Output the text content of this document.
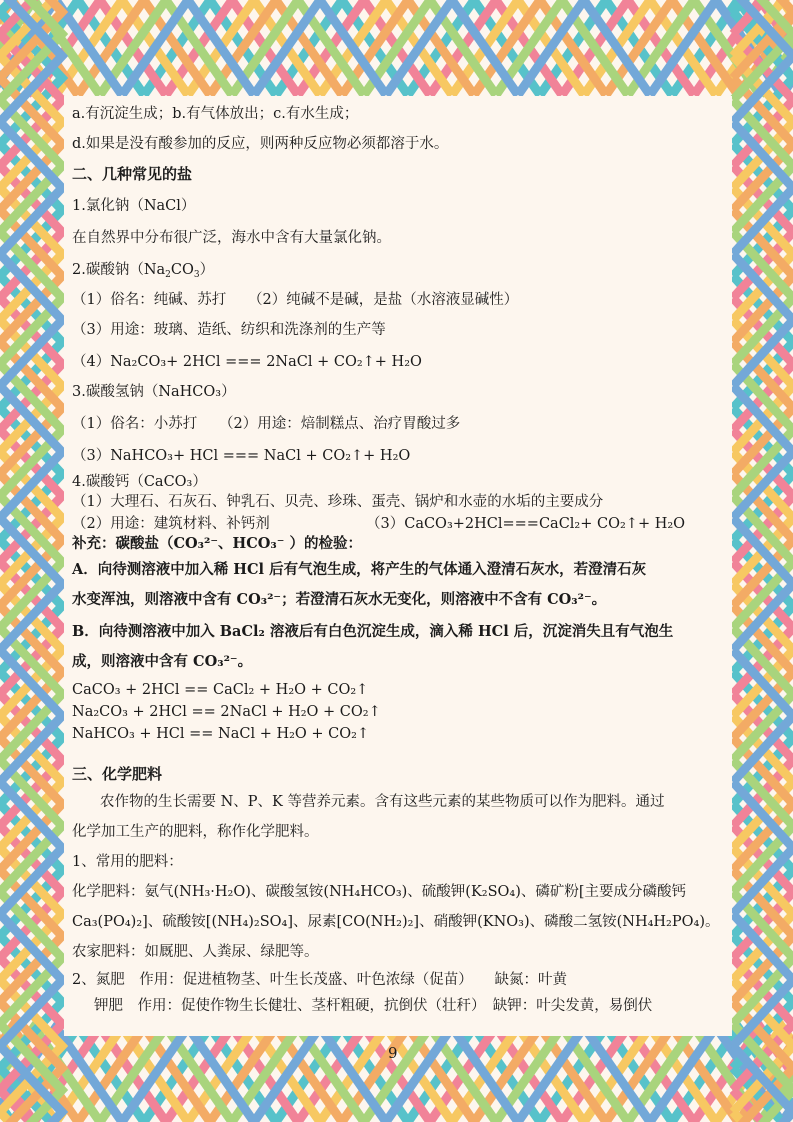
a.有沉淀生成；b.有气体放出；c.有水生成；
d.如果是没有酸参加的反应，则两种反应物必须都溶于水。
二、几种常见的盐
1.氯化钠（NaCl）
在自然界中分布很广泛，海水中含有大量氯化钠。
2.碳酸钠$(Na_2CO_3)$
（1）俗名：纯碱、苏打　　（2）纯碱不是碱，是盐（水溶液显碱性）
（3）用途：玻璃、造纸、纺织和洗涤剂的生产等
（4）Na₂CO₃+ 2HCl === 2NaCl + CO₂↑+ H₂O
3.碳酸氢钠（NaHCO₃）
（1）俗名：小苏打　　（2）用途：焙制糕点、治疗胃酸过多
（3）NaHCO₃+ HCl === NaCl + CO₂↑+ H₂O
4.碳酸钙（CaCO₃）
（1）大理石、石灰石、钟乳石、贝壳、珍珠、蛋壳、锅炉和水壶的水垢的主要成分
（2）用途：建筑材料、补钙剂	（3）CaCO₃+2HCl===CaCl₂+ CO₂↑+ H₂O
补充：碳酸盐（CO₃²⁻、HCO₃⁻ ）的检验：
A．向待测溶液中加入稀 HCl 后有气泡生成，将产生的气体通入澄清石灰水，若澄清石灰
水变浑浊，则溶液中含有 CO₃²⁻；若澄清石灰水无变化，则溶液中不含有 CO₃²⁻。
B．向待测溶液中加入 BaCl₂ 溶液后有白色沉淀生成，滴入稀 HCl 后，沉淀消失且有气泡生
成，则溶液中含有 CO₃²⁻。
CaCO₃ + 2HCl == CaCl₂ + H₂O + CO₂↑
Na₂CO₃ + 2HCl == 2NaCl + H₂O + CO₂↑
NaHCO₃ + HCl == NaCl + H₂O + CO₂↑
三、化学肥料
农作物的生长需要 N、P、K 等营养元素。含有这些元素的某些物质可以作为肥料。通过
化学加工生产的肥料，称作化学肥料。
1、常用的肥料：
化学肥料：氨气(NH₃·H₂O)、碳酸氢铵(NH₄HCO₃)、硫酸钾(K₂SO₄)、磷矿粉[主要成分磷酸钙
Ca₃(PO₄)₂]、硫酸铵[(NH₄)₂SO₄]、尿素[CO(NH₂)₂]、硝酸钾(KNO₃)、磷酸二氢铵(NH₄H₂PO₄)。
农家肥料：如厩肥、人粪尿、绿肥等。
2、氮肥　作用：促进植物茎、叶生长茂盛、叶色浓绿（促苗）　　缺氮：叶黄
钾肥　作用：促使作物生长健壮、茎杆粗硬，抗倒伏（壮秆）　缺钾：叶尖发黄，易倒伏
9
